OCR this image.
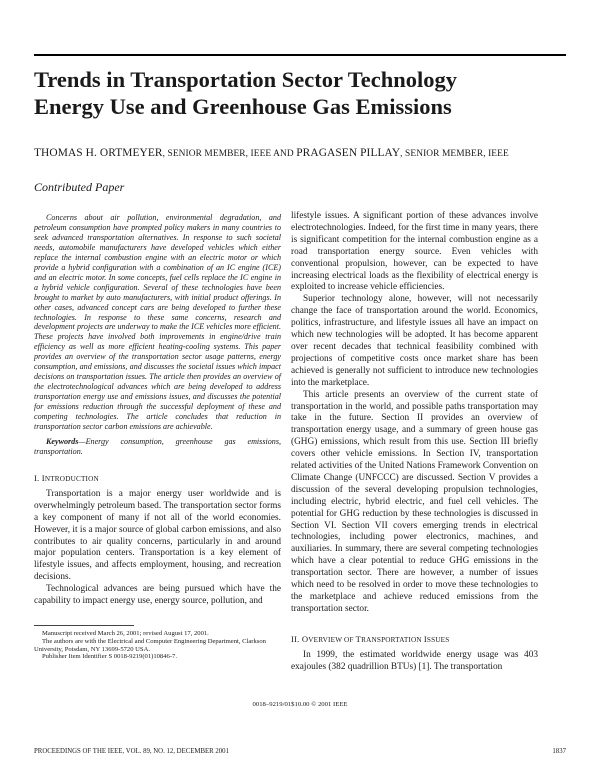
Trends in Transportation Sector Technology
Energy Use and Greenhouse Gas Emissions
THOMAS H. ORTMEYER, SENIOR MEMBER, IEEE AND PRAGASEN PILLAY, SENIOR MEMBER, IEEE
Contributed Paper

Concerns about air pollution, environmental degradation, and petroleum consumption have prompted policy makers in many countries to seek advanced transportation alternatives. In response to such societal needs, automobile manufacturers have developed vehicles which either replace the internal combustion engine with an electric motor or which provide a hybrid configuration with a combination of an IC engine (ICE) and an electric motor. In some concepts, fuel cells replace the IC engine in a hybrid vehicle configuration. Several of these technologies have been brought to market by auto manufacturers, with initial product offerings. In other cases, advanced concept cars are being developed to further these technologies. In response to these same concerns, research and development projects are underway to make the ICE vehicles more efficient. These projects have involved both improvements in engine/drive train efficiency as well as more efficient heating-cooling systems. This paper provides an overview of the transportation sector usage patterns, energy consumption, and emissions, and discusses the societal issues which impact decisions on transportation issues. The article then provides an overview of the electrotechnological advances which are being developed to address transportation energy use and emissions issues, and discusses the potential for emissions reduction through the successful deployment of these and competing technologies. The article concludes that reduction in transportation sector carbon emissions are achievable.

Keywords—Energy consumption, greenhouse gas emissions, transportation.

I. INTRODUCTION

Transportation is a major energy user worldwide and is overwhelmingly petroleum based. The transportation sector forms a key component of many if not all of the world economies. However, it is a major source of global carbon emissions, and also contributes to air quality concerns, particularly in and around major population centers. Transportation is a key element of lifestyle issues, and affects employment, housing, and recreation decisions.

Technological advances are being pursued which have the capability to impact energy use, energy source, pollution, and

Manuscript received March 26, 2001; revised August 17, 2001.

The authors are with the Electrical and Computer Engineering Department, Clarkson University, Potsdam, NY 13699-5720 USA.

Publisher Item Identifier S 0018-9219(01)10846-7.

lifestyle issues. A significant portion of these advances involve electrotechnologies. Indeed, for the first time in many years, there is significant competition for the internal combustion engine as a road transportation energy source. Even vehicles with conventional propulsion, however, can be expected to have increasing electrical loads as the flexibility of electrical energy is exploited to increase vehicle efficiencies.

Superior technology alone, however, will not necessarily change the face of transportation around the world. Economics, politics, infrastructure, and lifestyle issues all have an impact on which new technologies will be adopted. It has become apparent over recent decades that technical feasibility combined with projections of competitive costs once market share has been achieved is generally not sufficient to introduce new technologies into the marketplace.

This article presents an overview of the current state of transportation in the world, and possible paths transportation may take in the future. Section II provides an overview of transportation energy usage, and a summary of green house gas (GHG) emissions, which result from this use. Section III briefly covers other vehicle emissions. In Section IV, transportation related activities of the United Nations Framework Convention on Climate Change (UNFCCC) are discussed. Section V provides a discussion of the several developing propulsion technologies, including electric, hybrid electric, and fuel cell vehicles. The potential for GHG reduction by these technologies is discussed in Section VI. Section VII covers emerging trends in electrical technologies, including power electronics, machines, and auxiliaries. In summary, there are several competing technologies which have a clear potential to reduce GHG emissions in the transportation sector. There are however, a number of issues which need to be resolved in order to move these technologies to the marketplace and achieve reduced emissions from the transportation sector.

II. OVERVIEW OF TRANSPORTATION ISSUES

In 1999, the estimated worldwide energy usage was 403 exajoules (382 quadrillion BTUs) [1]. The transportation

0018–9219/01$10.00 © 2001 IEEE
PROCEEDINGS OF THE IEEE, VOL. 89, NO. 12, DECEMBER 2001	1837
